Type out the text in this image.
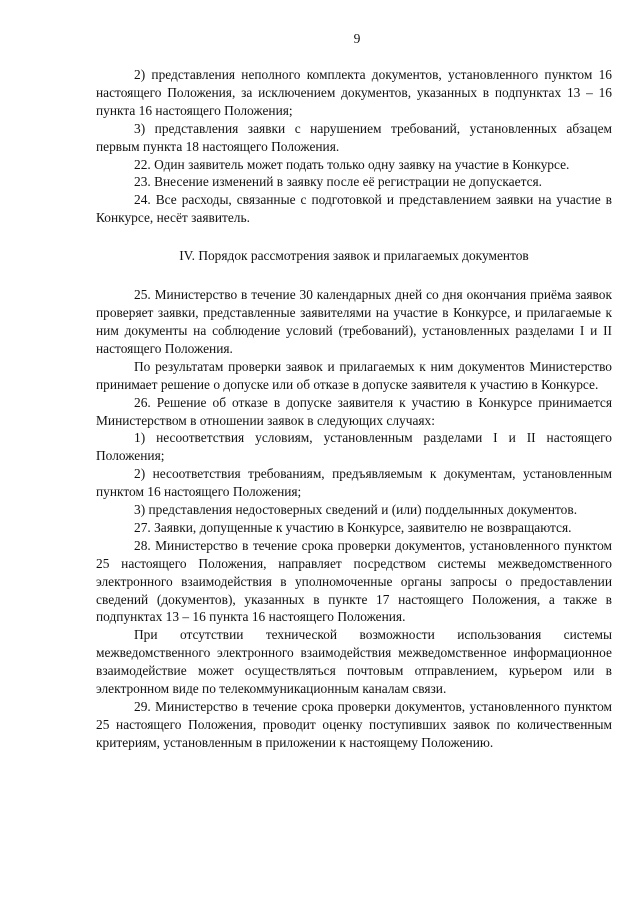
9

2) представления неполного комплекта документов, установленного пунктом 16 настоящего Положения, за исключением документов, указанных в подпунктах 13 – 16 пункта 16 настоящего Положения;

3) представления заявки с нарушением требований, установленных абзацем первым пункта 18 настоящего Положения.

22. Один заявитель может подать только одну заявку на участие в Конкурсе.

23. Внесение изменений в заявку после её регистрации не допускается.

24. Все расходы, связанные с подготовкой и представлением заявки на участие в Конкурсе, несёт заявитель.

IV. Порядок рассмотрения заявок и прилагаемых документов

25. Министерство в течение 30 календарных дней со дня окончания приёма заявок проверяет заявки, представленные заявителями на участие в Конкурсе, и прилагаемые к ним документы на соблюдение условий (требований), установленных разделами I и II настоящего Положения.

По результатам проверки заявок и прилагаемых к ним документов Министерство принимает решение о допуске или об отказе в допуске заявителя к участию в Конкурсе.

26. Решение об отказе в допуске заявителя к участию в Конкурсе принимается Министерством в отношении заявок в следующих случаях:

1) несоответствия условиям, установленным разделами I и II настоящего Положения;

2) несоответствия требованиям, предъявляемым к документам, установленным пунктом 16 настоящего Положения;

3) представления недостоверных сведений и (или) подделынных документов.

27. Заявки, допущенные к участию в Конкурсе, заявителю не возвращаются.

28. Министерство в течение срока проверки документов, установленного пунктом 25 настоящего Положения, направляет посредством системы межведомственного электронного взаимодействия в уполномоченные органы запросы о предоставлении сведений (документов), указанных в пункте 17 настоящего Положения, а также в подпунктах 13 – 16 пункта 16 настоящего Положения.

При отсутствии технической возможности использования системы межведомственного электронного взаимодействия межведомственное информационное взаимодействие может осуществляться почтовым отправлением, курьером или в электронном виде по телекоммуникационным каналам связи.

29. Министерство в течение срока проверки документов, установленного пунктом 25 настоящего Положения, проводит оценку поступивших заявок по количественным критериям, установленным в приложении к настоящему Положению.
